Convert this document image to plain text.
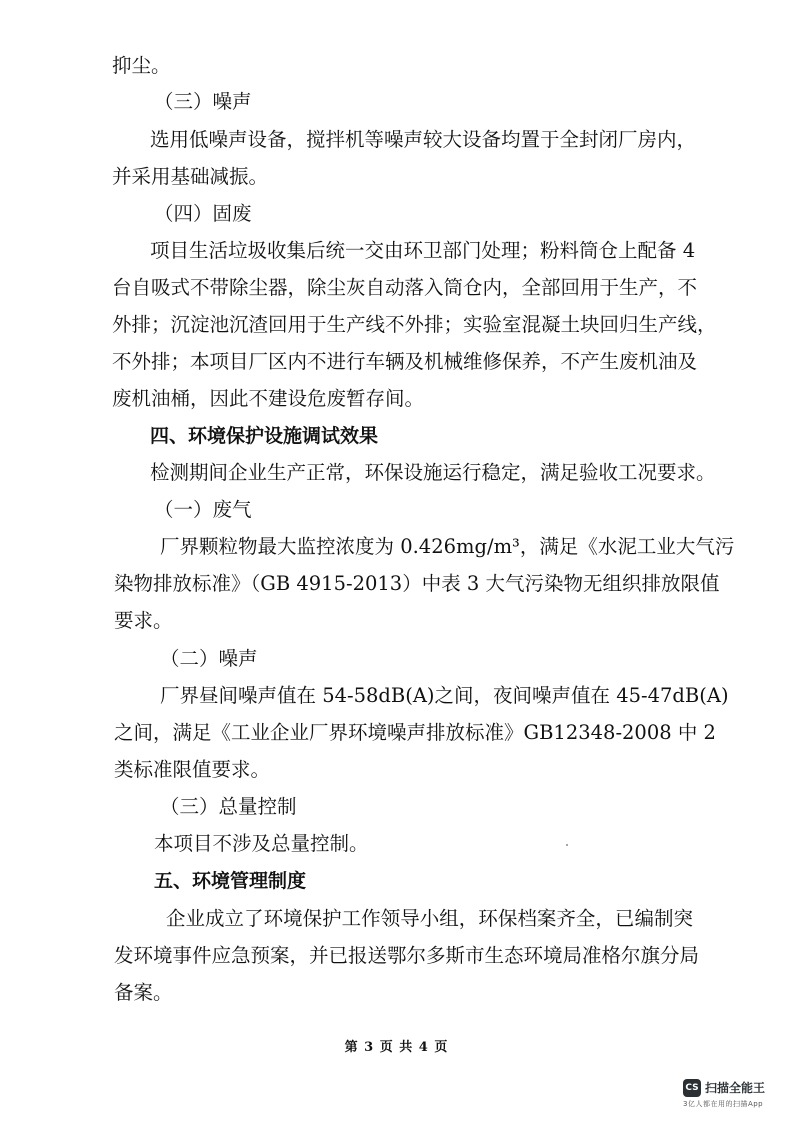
抑尘。
（三）噪声
选用低噪声设备，搅拌机等噪声较大设备均置于全封闭厂房内，
并采用基础减振。
（四）固废
项目生活垃圾收集后统一交由环卫部门处理；粉料筒仓上配备 4
台自吸式不带除尘器，除尘灰自动落入筒仓内，全部回用于生产，不
外排；沉淀池沉渣回用于生产线不外排；实验室混凝土块回归生产线，
不外排；本项目厂区内不进行车辆及机械维修保养，不产生废机油及
废机油桶，因此不建设危废暂存间。
四、环境保护设施调试效果
检测期间企业生产正常，环保设施运行稳定，满足验收工况要求。
（一）废气
厂界颗粒物最大监控浓度为 0.426mg/m³，满足《水泥工业大气污
染物排放标准》（GB 4915-2013）中表 3 大气污染物无组织排放限值
要求。
（二）噪声
厂界昼间噪声值在 54-58dB(A)之间，夜间噪声值在 45-47dB(A)
之间，满足《工业企业厂界环境噪声排放标准》GB12348-2008 中 2
类标准限值要求。
（三）总量控制
本项目不涉及总量控制。
五、环境管理制度
企业成立了环境保护工作领导小组，环保档案齐全，已编制突
发环境事件应急预案，并已报送鄂尔多斯市生态环境局准格尔旗分局
备案。
第 3 页 共 4 页
CS 扫描全能王
3亿人都在用的扫描App
